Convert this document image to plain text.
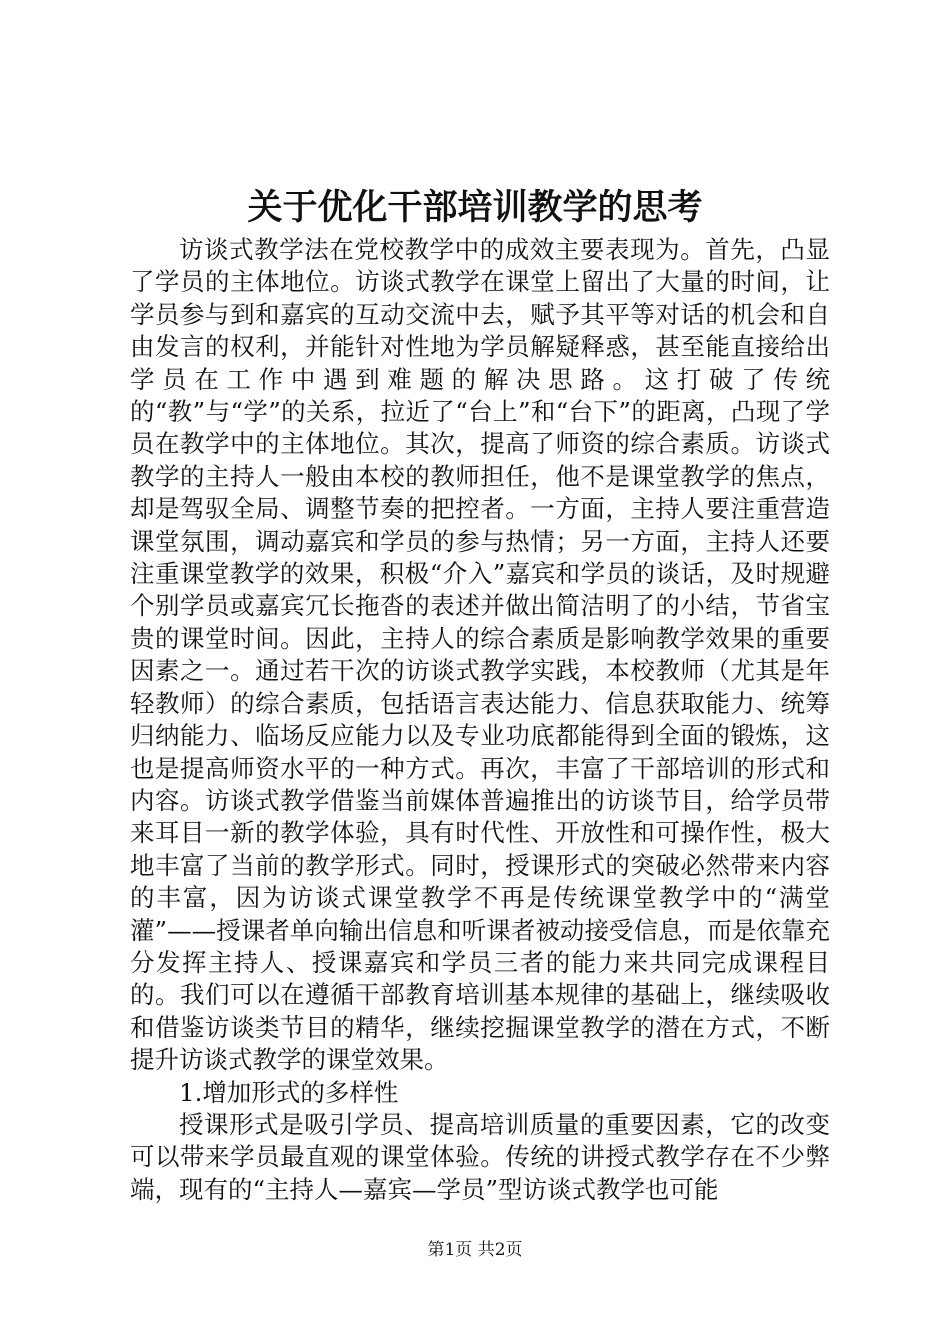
关于优化干部培训教学的思考

访谈式教学法在党校教学中的成效主要表现为。首先，凸显了学员的主体地位。访谈式教学在课堂上留出了大量的时间，让学员参与到和嘉宾的互动交流中去，赋予其平等对话的机会和自由发言的权利，并能针对性地为学员解疑释惑，甚至能直接给出学员在工作中遇到难题的解决思路。这打破了传统的“教”与“学”的关系，拉近了“台上”和“台下”的距离，凸现了学员在教学中的主体地位。其次，提高了师资的综合素质。访谈式教学的主持人一般由本校的教师担任，他不是课堂教学的焦点，却是驾驭全局、调整节奏的把控者。一方面，主持人要注重营造课堂氛围，调动嘉宾和学员的参与热情；另一方面，主持人还要注重课堂教学的效果，积极“介入”嘉宾和学员的谈话，及时规避个别学员或嘉宾冗长拖沓的表述并做出简洁明了的小结，节省宝贵的课堂时间。因此，主持人的综合素质是影响教学效果的重要因素之一。通过若干次的访谈式教学实践，本校教师（尤其是年轻教师）的综合素质，包括语言表达能力、信息获取能力、统筹归纳能力、临场反应能力以及专业功底都能得到全面的锻炼，这也是提高师资水平的一种方式。再次，丰富了干部培训的形式和内容。访谈式教学借鉴当前媒体普遍推出的访谈节目，给学员带来耳目一新的教学体验，具有时代性、开放性和可操作性，极大地丰富了当前的教学形式。同时，授课形式的突破必然带来内容的丰富，因为访谈式课堂教学不再是传统课堂教学中的“满堂灌”——授课者单向输出信息和听课者被动接受信息，而是依靠充分发挥主持人、授课嘉宾和学员三者的能力来共同完成课程目的。我们可以在遵循干部教育培训基本规律的基础上，继续吸收和借鉴访谈类节目的精华，继续挖掘课堂教学的潜在方式，不断提升访谈式教学的课堂效果。

1.增加形式的多样性

授课形式是吸引学员、提高培训质量的重要因素，它的改变可以带来学员最直观的课堂体验。传统的讲授式教学存在不少弊端，现有的“主持人—嘉宾—学员”型访谈式教学也可能

第1页 共2页
